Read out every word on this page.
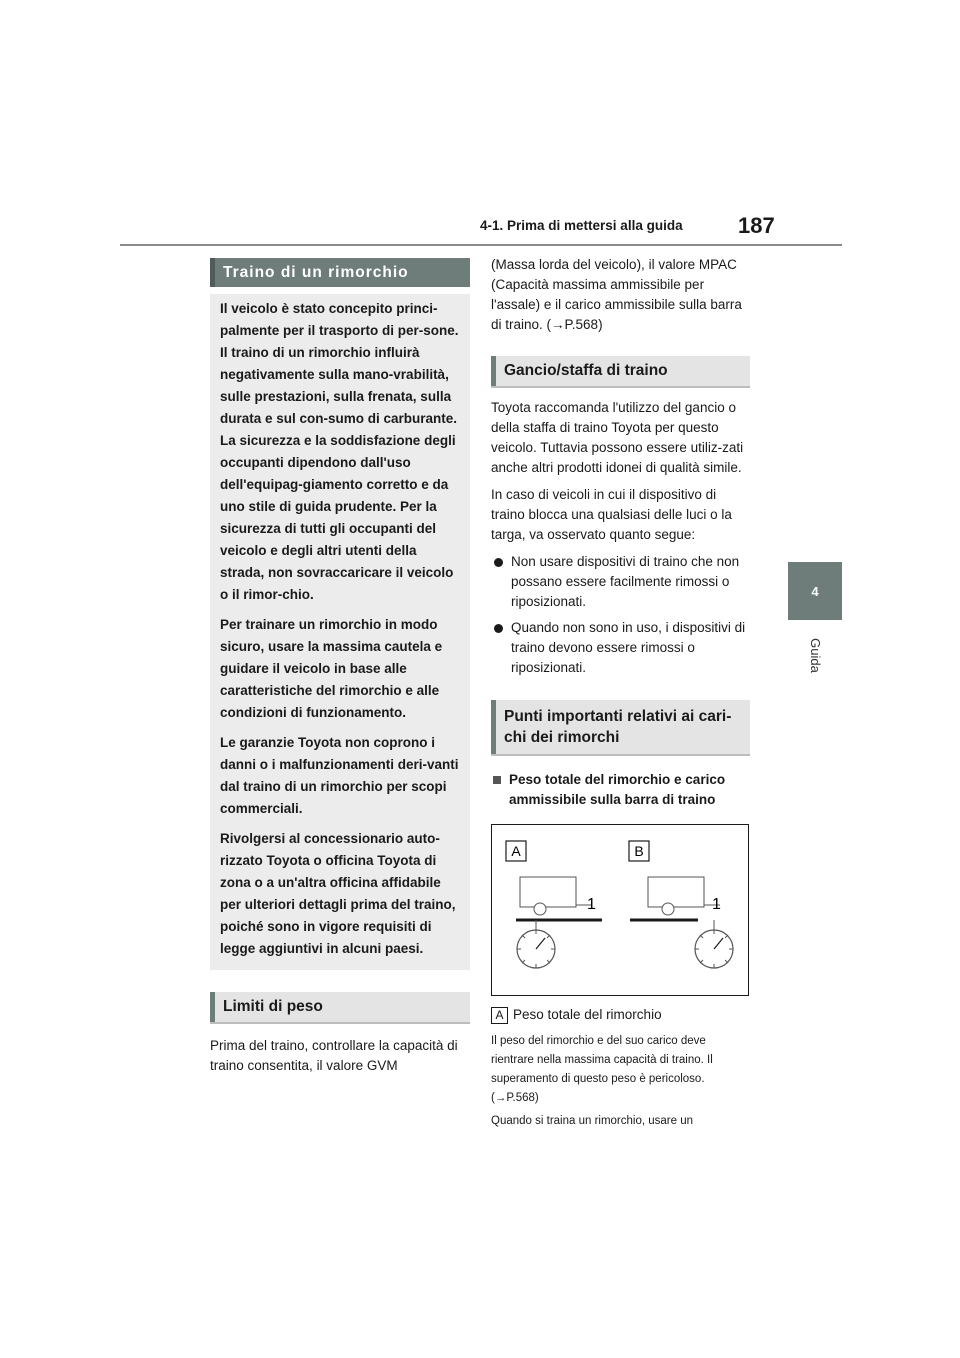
4-1. Prima di mettersi alla guida	187
4
Guida
Traino di un rimorchio

Il veicolo è stato concepito princi-palmente per il trasporto di per-sone. Il traino di un rimorchio influirà negativamente sulla mano-vrabilità, sulle prestazioni, sulla frenata, sulla durata e sul con-sumo di carburante. La sicurezza e la soddisfazione degli occupanti dipendono dall'uso dell'equipag-giamento corretto e da uno stile di guida prudente. Per la sicurezza di tutti gli occupanti del veicolo e degli altri utenti della strada, non sovraccaricare il veicolo o il rimor-chio.

Per trainare un rimorchio in modo sicuro, usare la massima cautela e guidare il veicolo in base alle caratteristiche del rimorchio e alle condizioni di funzionamento.

Le garanzie Toyota non coprono i danni o i malfunzionamenti deri-vanti dal traino di un rimorchio per scopi commerciali.

Rivolgersi al concessionario auto-rizzato Toyota o officina Toyota di zona o a un'altra officina affidabile per ulteriori dettagli prima del traino, poiché sono in vigore requisiti di legge aggiuntivi in alcuni paesi.

Limiti di peso

Prima del traino, controllare la capacità di traino consentita, il valore GVM

(Massa lorda del veicolo), il valore MPAC (Capacità massima ammissibile per l'assale) e il carico ammissibile sulla barra di traino. (→P.568)

Gancio/staffa di traino

Toyota raccomanda l'utilizzo del gancio o della staffa di traino Toyota per questo veicolo. Tuttavia possono essere utiliz-zati anche altri prodotti idonei di qualità simile.

In caso di veicoli in cui il dispositivo di traino blocca una qualsiasi delle luci o la targa, va osservato quanto segue:

Non usare dispositivi di traino che non possano essere facilmente rimossi o riposizionati.
Quando non sono in uso, i dispositivi di traino devono essere rimossi o riposizionati.
Punti importanti relativi ai cari-chi dei rimorchi
Peso totale del rimorchio e carico ammissibile sulla barra di traino
A	B
1	1
A Peso totale del rimorchio

Il peso del rimorchio e del suo carico deve rientrare nella massima capacità di traino. Il superamento di questo peso è pericoloso. (→P.568)

Quando si traina un rimorchio, usare un
